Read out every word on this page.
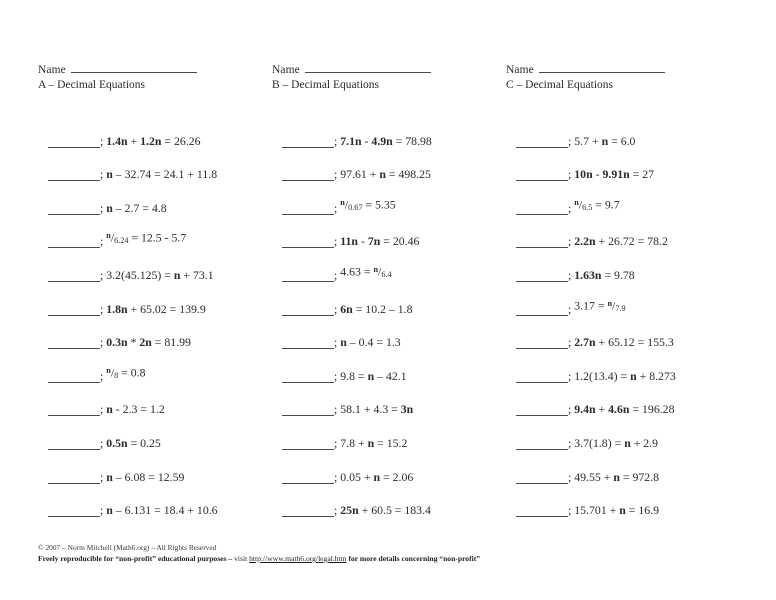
Name
A – Decimal Equations
; 1.4n + 1.2n = 26.26
; n – 32.74 = 24.1 + 11.8
; n – 2.7 = 4.8
; $^n$/6.24 = 12.5 - 5.7
; 3.2(45.125) = n + 73.1
; 1.8n + 65.02 = 139.9
; 0.3n * 2n = 81.99
; $^n$/8 = 0.8
; n - 2.3 = 1.2
; 0.5n = 0.25
; n – 6.08 = 12.59
; n – 6.131 = 18.4 + 10.6
Name
B – Decimal Equations
; 7.1n - 4.9n = 78.98
; 97.61 + n = 498.25
; $^n$/0.67 = 5.35
; 11n - 7n = 20.46
; 4.63 = $^n$/6.4
; 6n = 10.2 – 1.8
; n – 0.4 = 1.3
; 9.8 = n – 42.1
; 58.1 + 4.3 = 3n
; 7.8 + n = 15.2
; 0.05 + n = 2.06
; 25n + 60.5 = 183.4
Name
C – Decimal Equations
; 5.7 + n = 6.0
; 10n - 9.91n = 27
; $^n$/6.5 = 9.7
; 2.2n + 26.72 = 78.2
; 1.63n = 9.78
; 3.17 = $^n$/7.9
; 2.7n + 65.12 = 155.3
; 1.2(13.4) = n + 8.273
; 9.4n + 4.6n = 196.28
; 3.7(1.8) = n + 2.9
; 49.55 + n = 972.8
; 15.701 + n = 16.9
© 2007 – Norm Mitchell (Math6.org) – All Rights Reserved
Freely reproducible for “non-profit” educational purposes – visit http://www.math6.org/legal.htm for more details concerning “non-profit”
